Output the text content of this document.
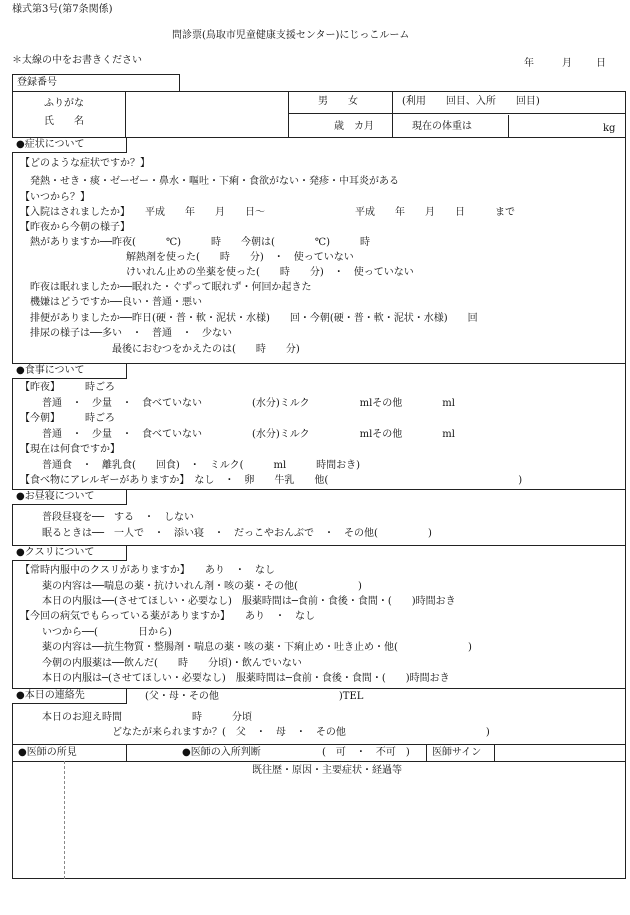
様式第3号(第7条関係)
問診票(鳥取市児童健康支援センター)にじっこルーム
＊太線の中をお書きください	年	月 日
登録番号
ふりがな
氏　　名
男　　女	(利用　　回目、入所　　回目)
歳　カ月	現在の体重は	kg
●症状について
【どのような症状ですか？】
発熱・せき・痰・ゼーゼー・鼻水・嘔吐・下痢・食欲がない・発疹・中耳炎がある
【いつから？】
【入院はされましたか】　　平成　　年　　月　　日～　　　　　　　　　平成　　年　　月　　日　　　まで
【昨夜から今朝の様子】
熱がありますか──昨夜(　　　℃)　　　時　　今朝は(　　　　℃)　　　時
解熱剤を使った(　　時　　分)　・　使っていない
けいれん止めの坐薬を使った(　　時　　分)　・　使っていない
昨夜は眠れましたか──眠れた・ぐずって眠れず・何回か起きた
機嫌はどうですか──良い・普通・悪い
排便がありましたか──昨日(硬・普・軟・泥状・水様)　　回・今朝(硬・普・軟・泥状・水様)　　回
排尿の様子は──多い　・　普通　・　少ない
最後におむつをかえたのは(　　時　　分)
●食事について
【昨夜】　　　時ごろ
普通　・　少量　・　食べていない　　　　　(水分)ミルク　　　　　mlその他　　　　ml
【今朝】　　　時ごろ
普通　・　少量　・　食べていない　　　　　(水分)ミルク　　　　　mlその他　　　　ml
【現在は何食ですか】
普通食　・　離乳食(　　回食)　・　ミルク(　　　ml　　　時間おき)
【食べ物にアレルギーがありますか】　なし　・　卵　　牛乳　　他(　　　　　　　　　　　　　　　　　　　)
●お昼寝について
普段昼寝を──　する　・　しない
眠るときは──　一人で　・　添い寝　・　だっこやおんぶで　・　その他(　　　　　)
●クスリについて
【常時内服中のクスリがありますか】　　あり　・　なし
薬の内容は──喘息の薬・抗けいれん剤・咳の薬・その他(　　　　　　)
本日の内服は──(させてほしい・必要なし)　服薬時間は─食前・食後・食間・(　　)時間おき
【今回の病気でもらっている薬がありますか】　　あり　・　なし
いつから──(　　　　日から)
薬の内容は──抗生物質・整腸剤・喘息の薬・咳の薬・下痢止め・吐き止め・他(　　　　　　　)
今朝の内服薬は──飲んだ(　　時　　分頃)・飲んでいない
本日の内服は─(させてほしい・必要なし)　服薬時間は─食前・食後・食間・(　　)時間おき
●本日の連絡先	(父・母・その他　　　　　　　　　　　　)TEL
本日のお迎え時間　　　　　　　時　　　分頃
どなたが来られますか？(　父　・　母　・　その他　　　　　　　　　　　　　　)
●医師の所見	●医師の入所判断	(　可　・　不可　) 医師サイン
既往歴・原因・主要症状・経過等
